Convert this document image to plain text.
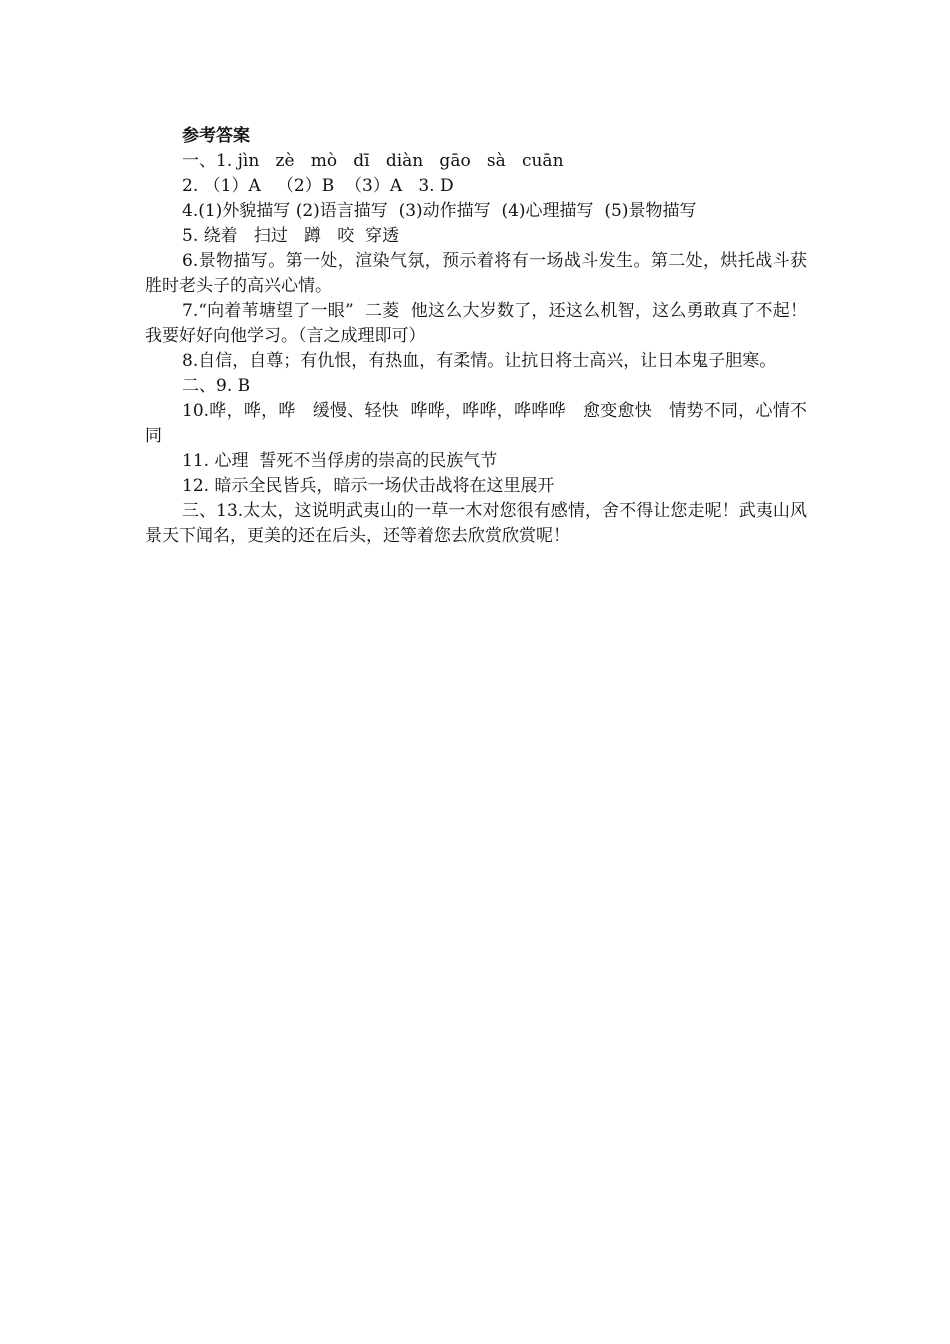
参考答案

一、1. jìn   zè   mò   dī   diàn   gāo   sà   cuān

2. （1）A   （2）B  （3）A   3. D

4.(1)外貌描写 (2)语言描写  (3)动作描写  (4)心理描写  (5)景物描写

5. 绕着   扫过   蹲   咬  穿透

6.景物描写。第一处，渲染气氛，预示着将有一场战斗发生。第二处，烘托战斗获胜时老头子的高兴心情。

7.“向着苇塘望了一眼”  二菱  他这么大岁数了，还这么机智，这么勇敢真了不起！我要好好向他学习。（言之成理即可）

8.自信，自尊；有仇恨，有热血，有柔情。让抗日将士高兴，让日本鬼子胆寒。

二、9. B

10.哗，哗，哗   缓慢、轻快  哗哗，哗哗，哗哗哗   愈变愈快   情势不同，心情不同

11. 心理  誓死不当俘虏的崇高的民族气节

12. 暗示全民皆兵，暗示一场伏击战将在这里展开

三、13.太太，这说明武夷山的一草一木对您很有感情，舍不得让您走呢！武夷山风景天下闻名，更美的还在后头，还等着您去欣赏欣赏呢！
